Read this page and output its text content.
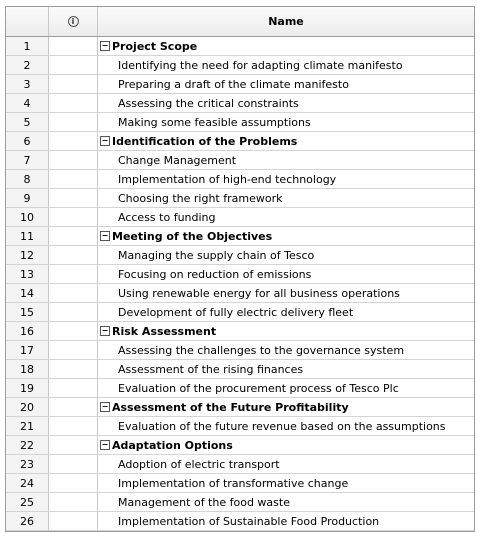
i	Name
1	− Project Scope
2	Identifying the need for adapting climate manifesto
3	Preparing a draft of the climate manifesto
4	Assessing the critical constraints
5	Making some feasible assumptions
6	− Identification of the Problems
7	Change Management
8	Implementation of high-end technology
9	Choosing the right framework
10	Access to funding
11	− Meeting of the Objectives
12	Managing the supply chain of Tesco
13	Focusing on reduction of emissions
14	Using renewable energy for all business operations
15	Development of fully electric delivery fleet
16	− Risk Assessment
17	Assessing the challenges to the governance system
18	Assessment of the rising finances
19	Evaluation of the procurement process of Tesco Plc
20	− Assessment of the Future Profitability
21	Evaluation of the future revenue based on the assumptions
22	− Adaptation Options
23	Adoption of electric transport
24	Implementation of transformative change
25	Management of the food waste
26	Implementation of Sustainable Food Production
